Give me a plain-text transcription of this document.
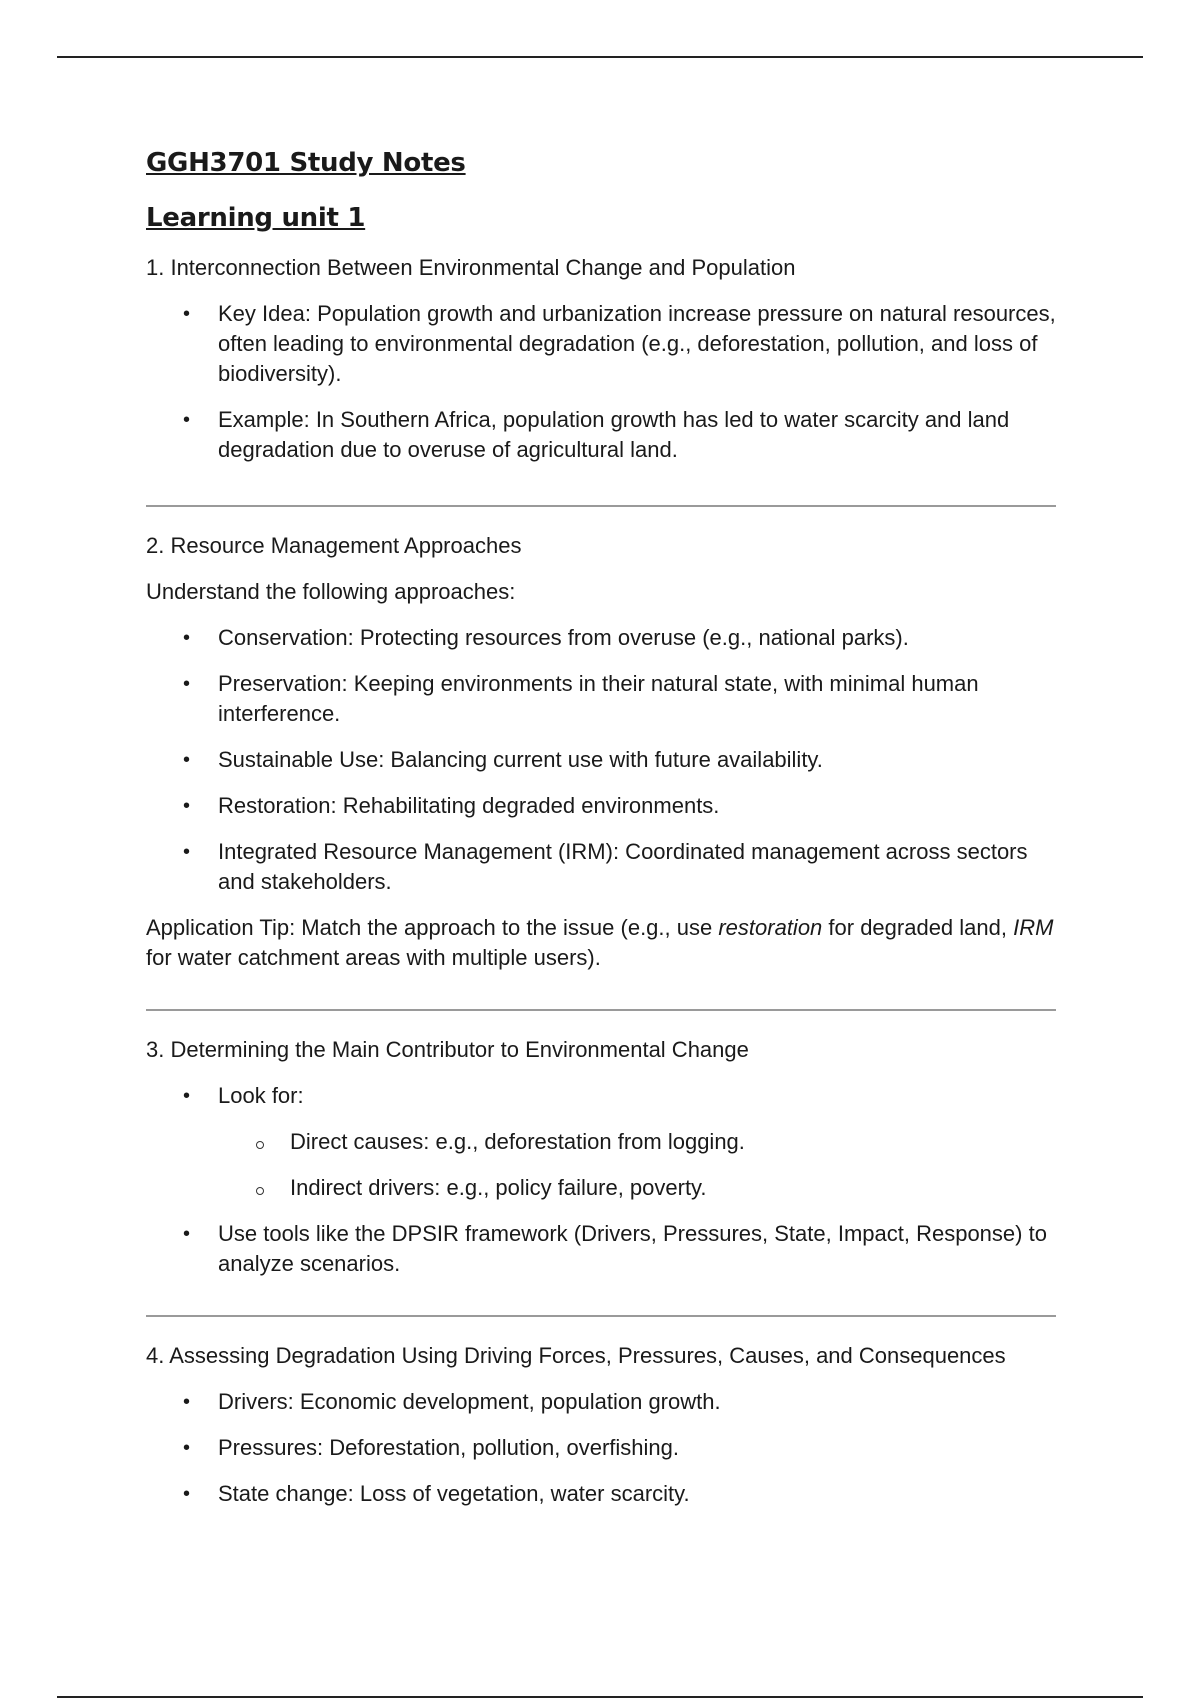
GGH3701 Study Notes
Learning unit 1

1. Interconnection Between Environmental Change and Population

• Key Idea: Population growth and urbanization increase pressure on natural resources, often leading to environmental degradation (e.g., deforestation, pollution, and loss of biodiversity).
• Example: In Southern Africa, population growth has led to water scarcity and land degradation due to overuse of agricultural land.

2. Resource Management Approaches

Understand the following approaches:

• Conservation: Protecting resources from overuse (e.g., national parks).
• Preservation: Keeping environments in their natural state, with minimal human interference.
• Sustainable Use: Balancing current use with future availability.
• Restoration: Rehabilitating degraded environments.
• Integrated Resource Management (IRM): Coordinated management across sectors and stakeholders.

Application Tip: Match the approach to the issue (e.g., use restoration for degraded land, IRM for water catchment areas with multiple users).

3. Determining the Main Contributor to Environmental Change

• Look for:
Direct causes: e.g., deforestation from logging.
Indirect drivers: e.g., policy failure, poverty.
• Use tools like the DPSIR framework (Drivers, Pressures, State, Impact, Response) to analyze scenarios.

4. Assessing Degradation Using Driving Forces, Pressures, Causes, and Consequences

• Drivers: Economic development, population growth.
• Pressures: Deforestation, pollution, overfishing.
• State change: Loss of vegetation, water scarcity.
